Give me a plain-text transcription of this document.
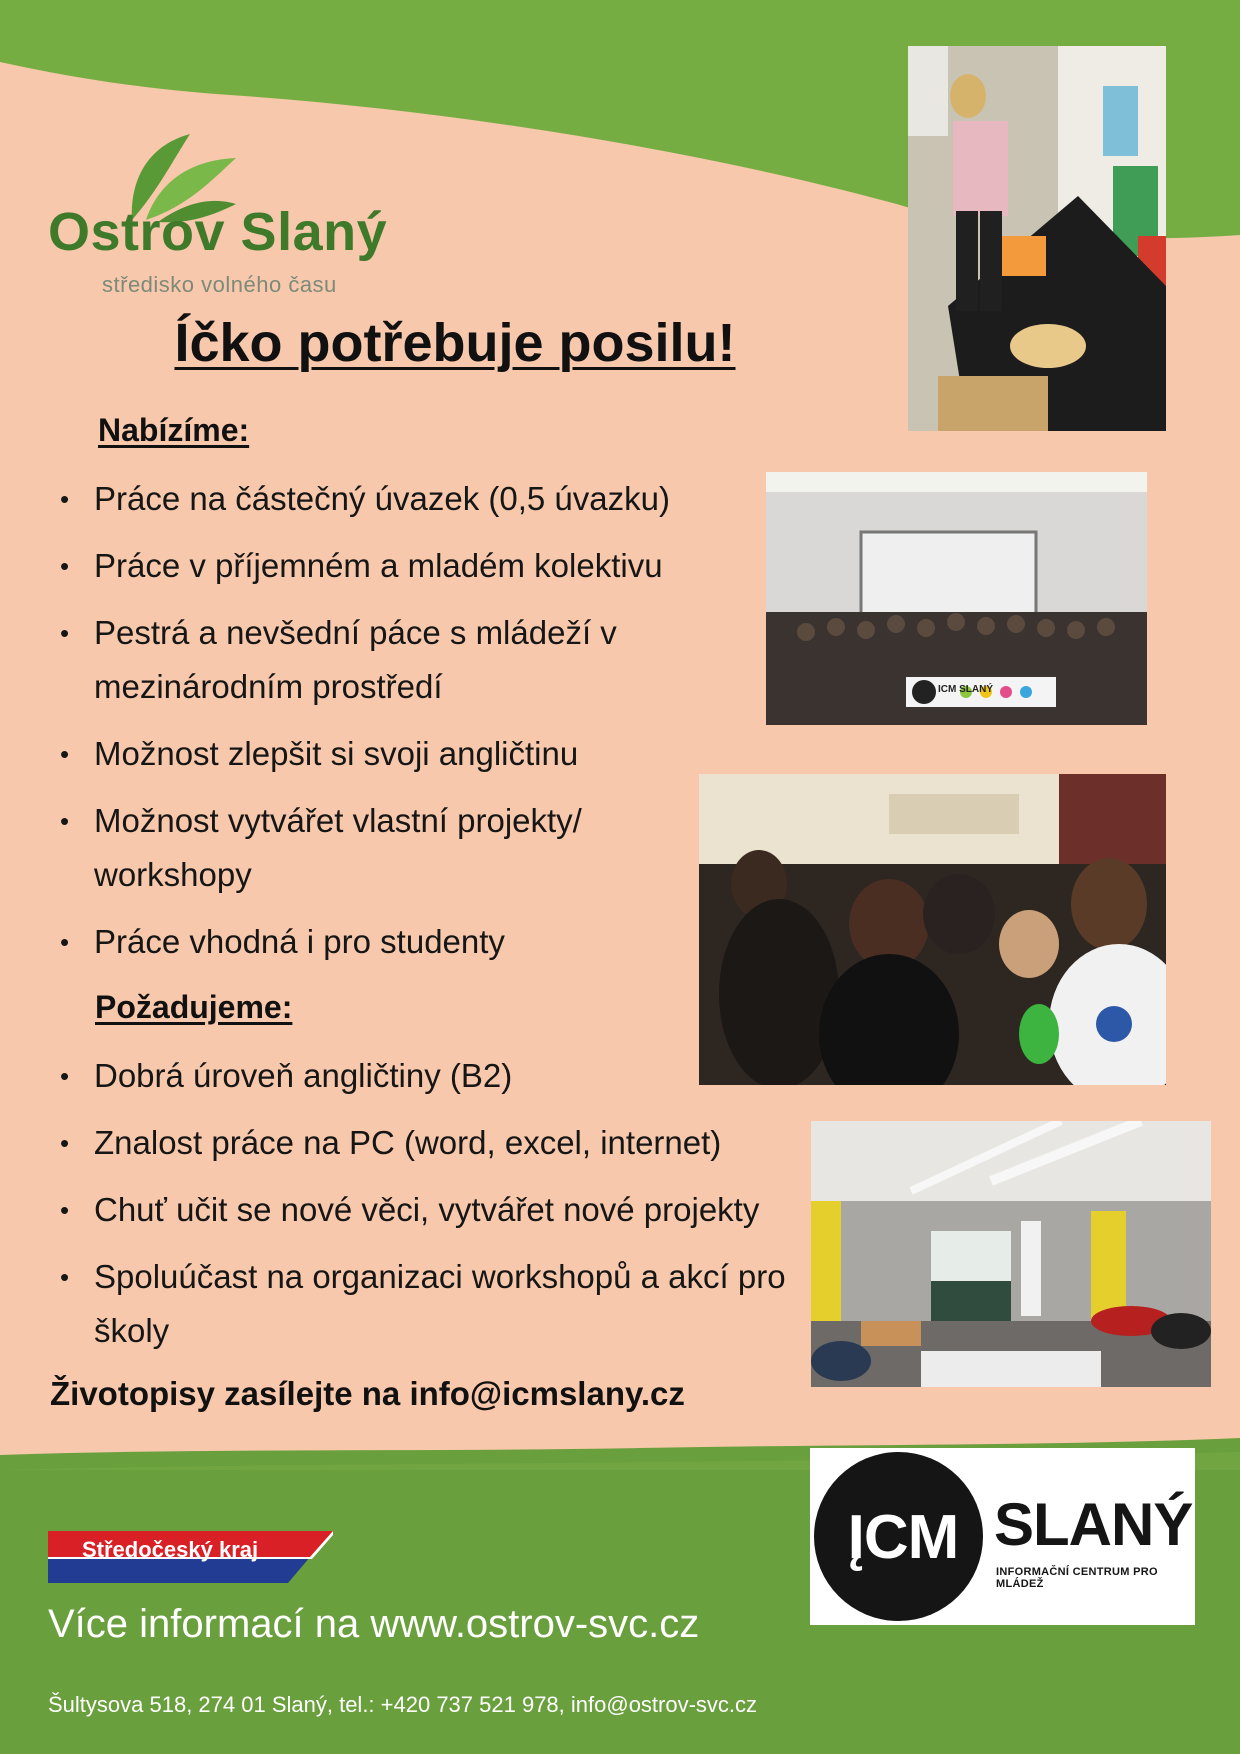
Ostrov Slaný
středisko volného času
Íčko potřebuje posilu!
Nabízíme:
• Práce na částečný úvazek (0,5 úvazku)
• Práce v příjemném a mladém kolektivu
• Pestrá a nevšední páce s mládeží v mezinárodním prostředí
• Možnost zlepšit si svoji angličtinu
• Možnost vytvářet vlastní projekty/ workshopy
• Práce vhodná i pro studenty
Požadujeme:
• Dobrá úroveň angličtiny (B2)
• Znalost práce na PC (word, excel, internet)
• Chuť učit se nové věci, vytvářet nové projekty
• Spoluúčast na organizaci workshopů a akcí pro školy
Životopisy zasílejte na info@icmslany.cz
ICM SLANÝ
Středočeský kraj
Více informací na www.ostrov-svc.cz
Šultysova 518, 274 01 Slaný, tel.: +420 737 521 978, info@ostrov-svc.cz
ĮCM SLANÝ
INFORMAČNÍ CENTRUM PRO MLÁDEŽ
